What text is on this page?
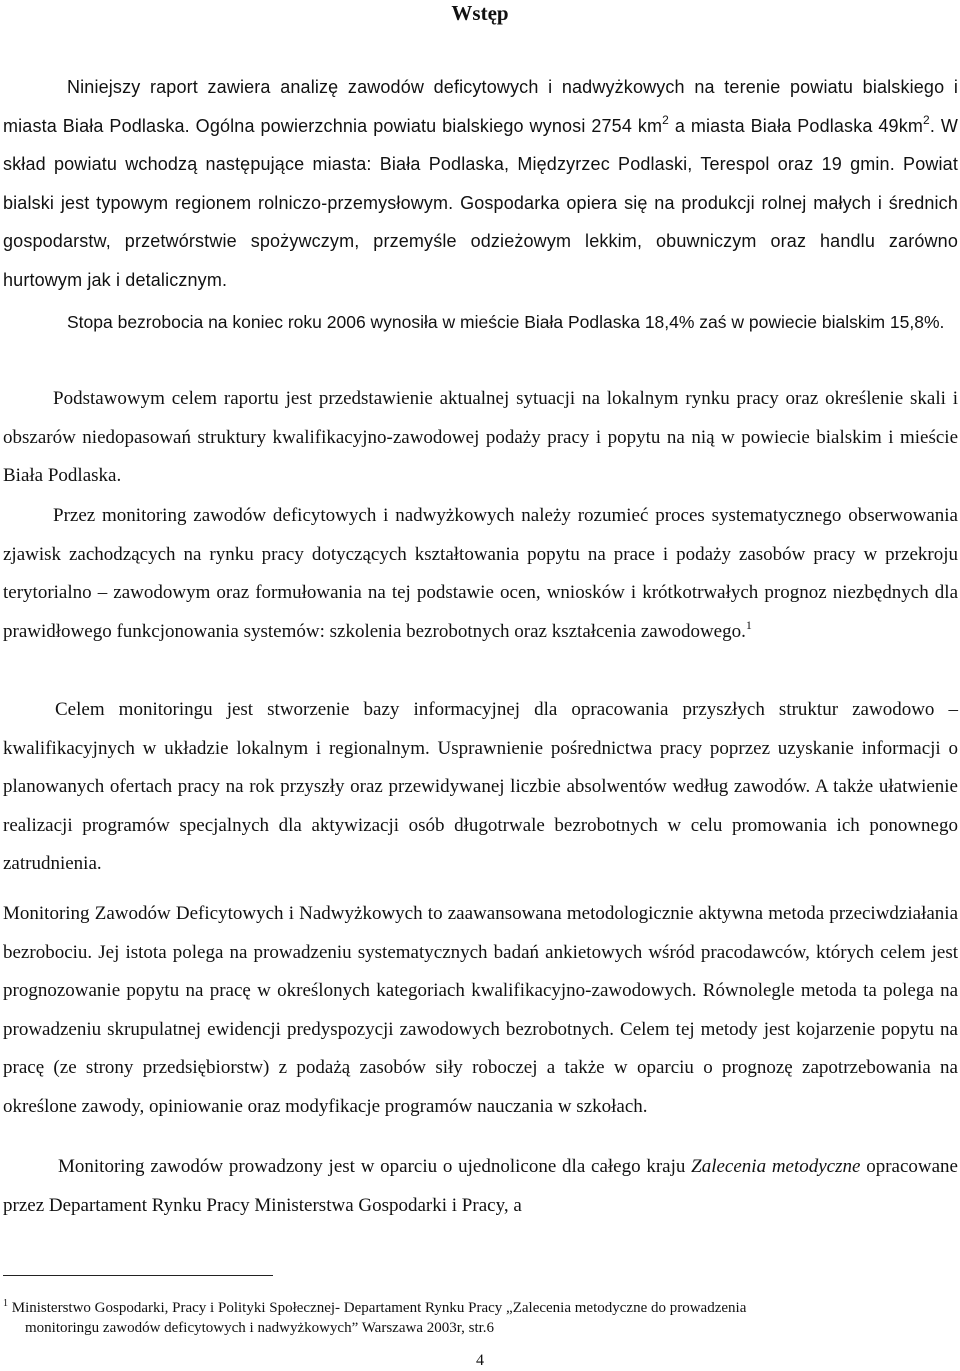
Wstęp

Niniejszy raport zawiera analizę zawodów deficytowych i nadwyżkowych na terenie powiatu bialskiego i miasta Biała Podlaska. Ogólna powierzchnia powiatu bialskiego wynosi 2754 $km^2$ a miasta Biała Podlaska $49km^2$. W skład powiatu wchodzą następujące miasta: Biała Podlaska, Międzyrzec Podlaski, Terespol oraz 19 gmin. Powiat bialski jest typowym regionem rolniczo-przemysłowym. Gospodarka opiera się na produkcji rolnej małych i średnich gospodarstw, przetwórstwie spożywczym, przemyśle odzieżowym lekkim, obuwniczym oraz handlu zarówno hurtowym jak i detalicznym.

Stopa bezrobocia na koniec roku 2006 wynosiła w mieście Biała Podlaska 18,4% zaś w powiecie bialskim 15,8%.

Podstawowym celem raportu jest przedstawienie aktualnej sytuacji na lokalnym rynku pracy oraz określenie skali i obszarów niedopasowań struktury kwalifikacyjno-zawodowej podaży pracy i popytu na nią w powiecie bialskim i mieście Biała Podlaska.

Przez monitoring zawodów deficytowych i nadwyżkowych należy rozumieć proces systematycznego obserwowania zjawisk zachodzących na rynku pracy dotyczących kształtowania popytu na prace i podaży zasobów pracy w przekroju terytorialno – zawodowym oraz formułowania na tej podstawie ocen, wniosków i krótkotrwałych prognoz niezbędnych dla prawidłowego funkcjonowania systemów: szkolenia bezrobotnych oraz kształcenia zawodowego.$^1$

Celem monitoringu jest stworzenie bazy informacyjnej dla opracowania przyszłych struktur zawodowo – kwalifikacyjnych w układzie lokalnym i regionalnym. Usprawnienie pośrednictwa pracy poprzez uzyskanie informacji o planowanych ofertach pracy na rok przyszły oraz przewidywanej liczbie absolwentów według zawodów. A także ułatwienie realizacji programów specjalnych dla aktywizacji osób długotrwale bezrobotnych w celu promowania ich ponownego zatrudnienia.

Monitoring Zawodów Deficytowych i Nadwyżkowych to zaawansowana metodologicznie aktywna metoda przeciwdziałania bezrobociu. Jej istota polega na prowadzeniu systematycznych badań ankietowych wśród pracodawców, których celem jest prognozowanie popytu na pracę w określonych kategoriach kwalifikacyjno-zawodowych. Równolegle metoda ta polega na prowadzeniu skrupulatnej ewidencji predyspozycji zawodowych bezrobotnych. Celem tej metody jest kojarzenie popytu na pracę (ze strony przedsiębiorstw) z podażą zasobów siły roboczej a także w oparciu o prognozę zapotrzebowania na określone zawody, opiniowanie oraz modyfikacje programów nauczania w szkołach.

Monitoring zawodów prowadzony jest w oparciu o ujednolicone dla całego kraju Zalecenia metodyczne opracowane przez Departament Rynku Pracy Ministerstwa Gospodarki i Pracy, a

$^1$ Ministerstwo Gospodarki, Pracy i Polityki Społecznej- Departament Rynku Pracy „Zalecenia metodyczne do prowadzenia
monitoringu zawodów deficytowych i nadwyżkowych” Warszawa 2003r, str.6
4
